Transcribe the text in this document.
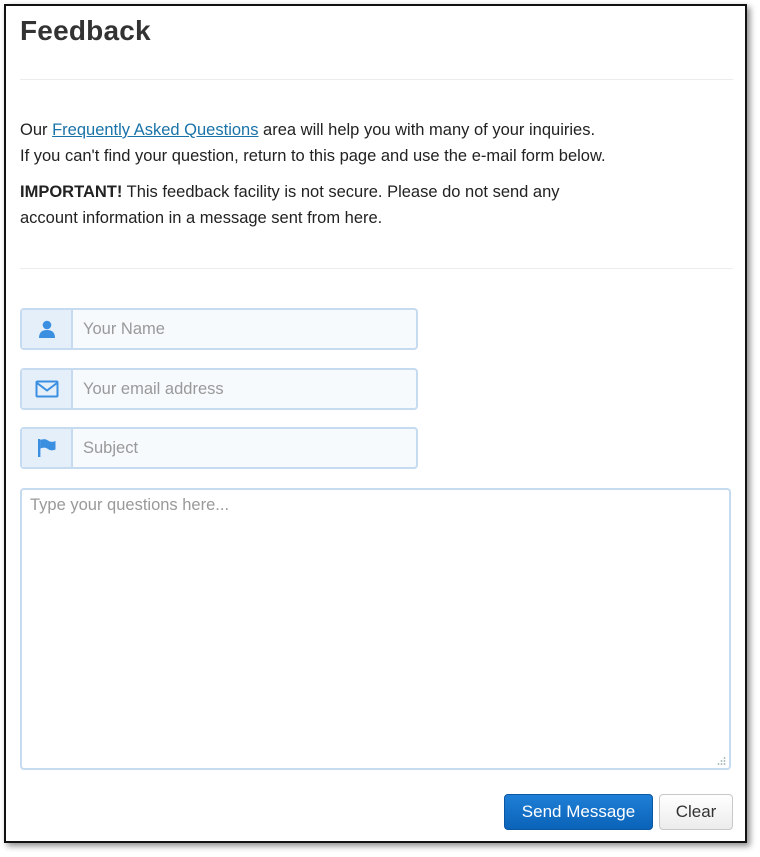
Feedback

Our Frequently Asked Questions area will help you with many of your inquiries.

If you can't find your question, return to this page and use the e-mail form below.

IMPORTANT! This feedback facility is not secure. Please do not send any

account information in a message sent from here.

Your Name
Your email address
Subject
Type your questions here...
Send Message	Clear
